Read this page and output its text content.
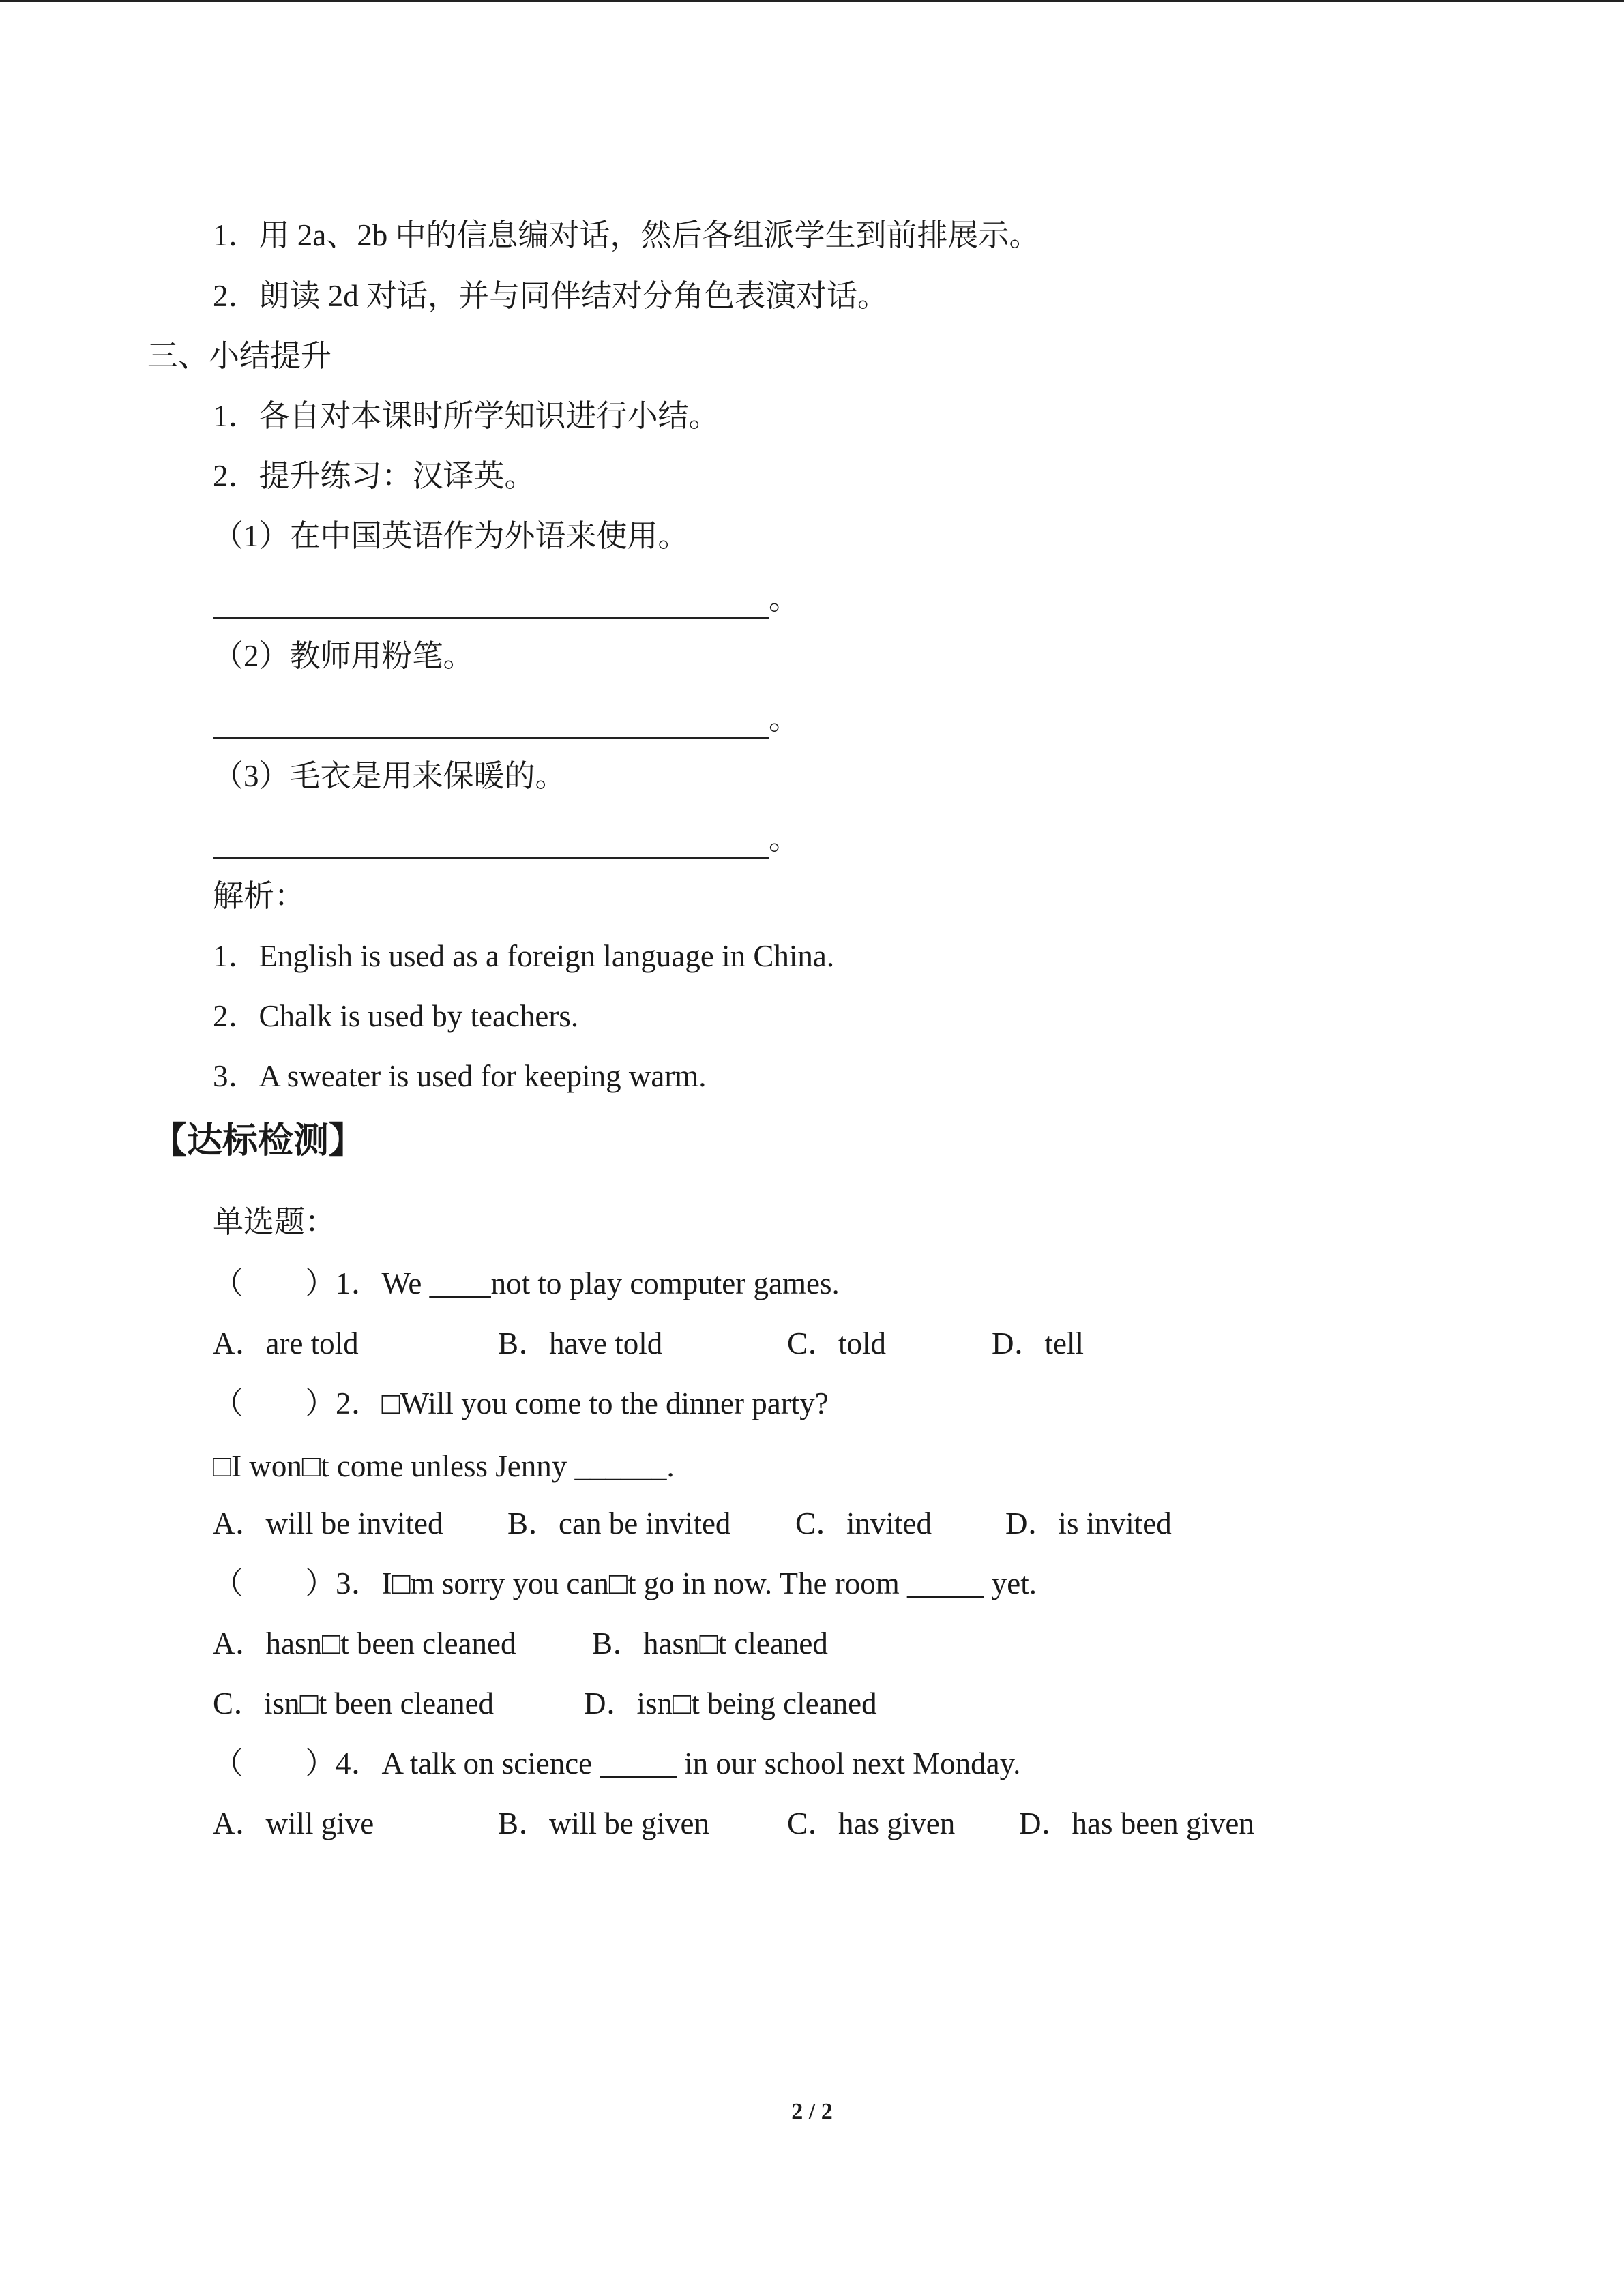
1．用 2a、2b 中的信息编对话，然后各组派学生到前排展示。
2．朗读 2d 对话，并与同伴结对分角色表演对话。
三、小结提升
1．各自对本课时所学知识进行小结。
2．提升练习：汉译英。
（1）在中国英语作为外语来使用。
。
（2）教师用粉笔。
。
（3）毛衣是用来保暖的。
。
解析：
1．English is used as a foreign language in China.
2．Chalk is used by teachers.
3．A sweater is used for keeping warm.
【达标检测】
单选题：
（　　）1．We ____not to play computer games.
A．are told	B．have told	C．told	D．tell
（　　）2．□Will you come to the dinner party?
□I won□t come unless Jenny ______.
A．will be invited B．can be invited C．invited D．is invited
（　　）3．I□m sorry you can□t go in now. The room _____ yet.
A．hasn□t been cleaned B．hasn□t cleaned
C．isn□t been cleaned	D．isn□t being cleaned
（　　）4．A talk on science _____ in our school next Monday.
A．will give	B．will be given	C．has given D．has been given
2 / 2
